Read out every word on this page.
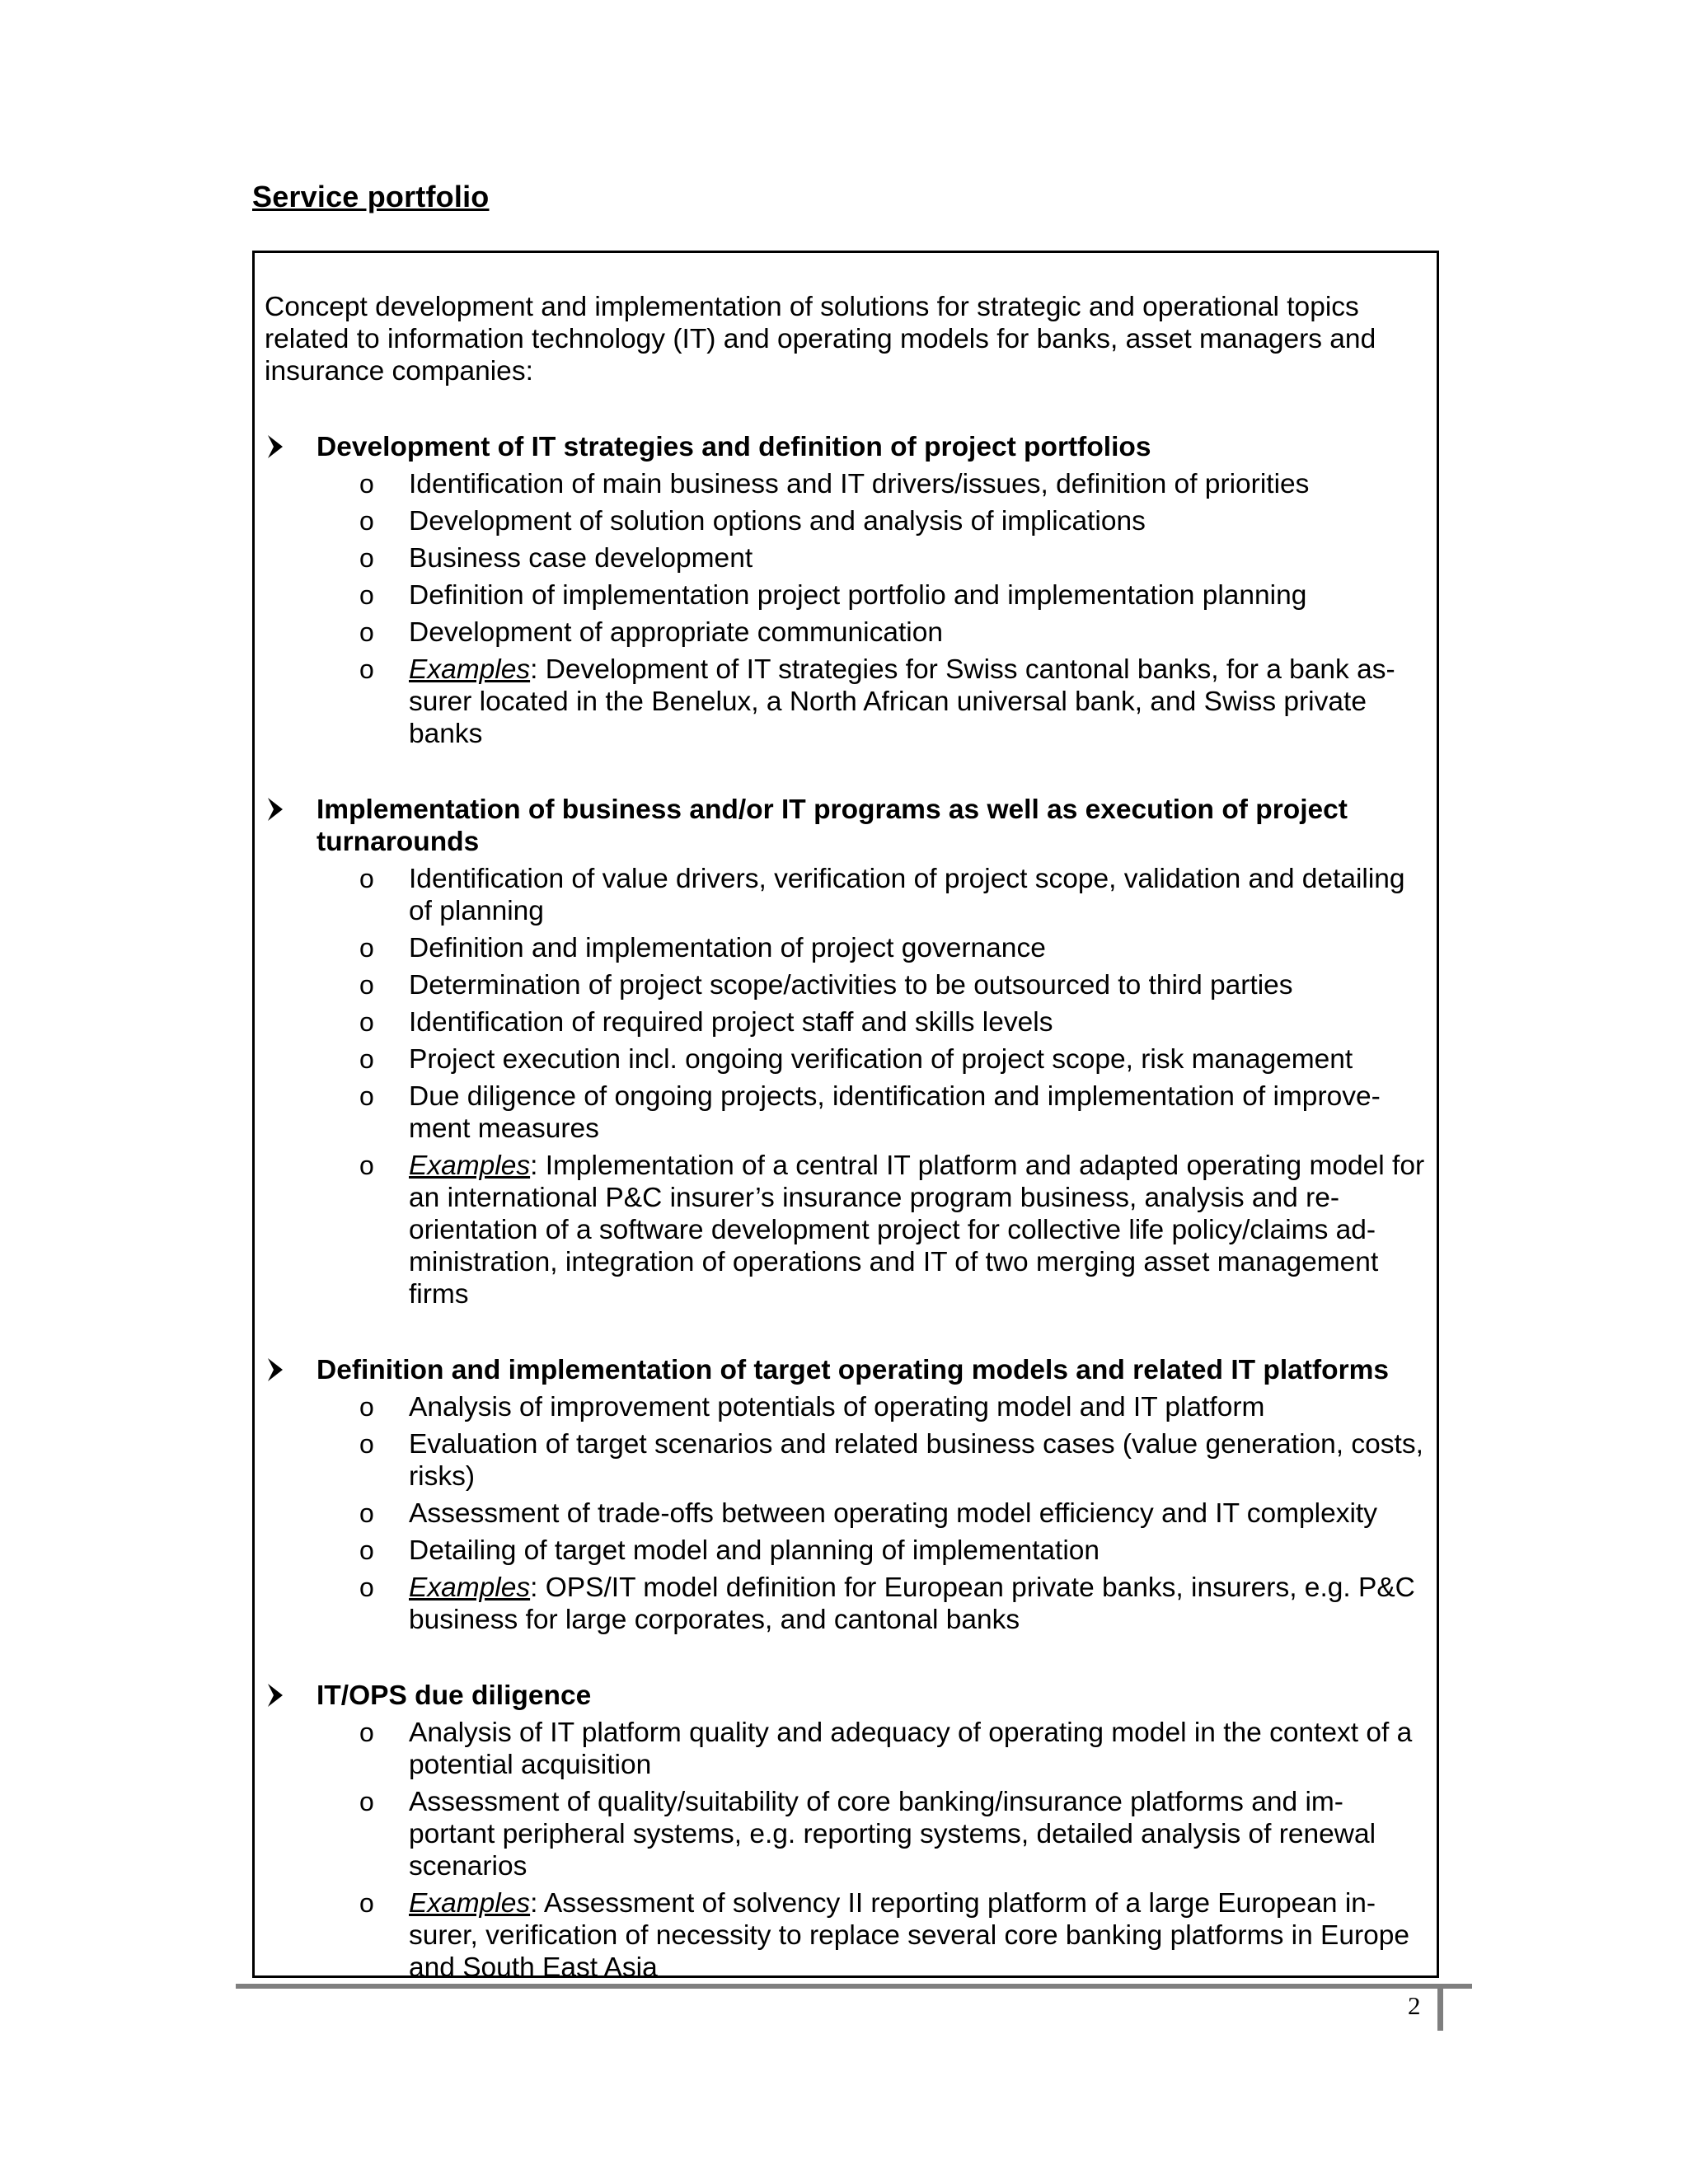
Service portfolio

Concept development and implementation of solutions for strategic and operational topics related to information technology (IT) and operating models for banks, asset managers and insurance companies:

Development of IT strategies and definition of project portfolios
o Identification of main business and IT drivers/issues, definition of priorities
o Development of solution options and analysis of implications
o Business case development
o Definition of implementation project portfolio and implementation planning
o Development of appropriate communication
o Examples: Development of IT strategies for Swiss cantonal banks, for a bank as-surer located in the Benelux, a North African universal bank, and Swiss private banks
Implementation of business and/or IT programs as well as execution of project turnarounds
o Identification of value drivers, verification of project scope, validation and detailing of planning
o Definition and implementation of project governance
o Determination of project scope/activities to be outsourced to third parties
o Identification of required project staff and skills levels
o Project execution incl. ongoing verification of project scope, risk management
o Due diligence of ongoing projects, identification and implementation of improve-ment measures
o Examples: Implementation of a central IT platform and adapted operating model for an international P&C insurer’s insurance program business, analysis and re-orientation of a software development project for collective life policy/claims ad-ministration, integration of operations and IT of two merging asset management firms
Definition and implementation of target operating models and related IT platforms
o Analysis of improvement potentials of operating model and IT platform
o Evaluation of target scenarios and related business cases (value generation, costs, risks)
o Assessment of trade-offs between operating model efficiency and IT complexity
o Detailing of target model and planning of implementation
o Examples: OPS/IT model definition for European private banks, insurers, e.g. P&C business for large corporates, and cantonal banks
IT/OPS due diligence
o Analysis of IT platform quality and adequacy of operating model in the context of a potential acquisition
o Assessment of quality/suitability of core banking/insurance platforms and im-portant peripheral systems, e.g. reporting systems, detailed analysis of renewal scenarios
o Examples: Assessment of solvency II reporting platform of a large European in-surer, verification of necessity to replace several core banking platforms in Europe and South East Asia
2
